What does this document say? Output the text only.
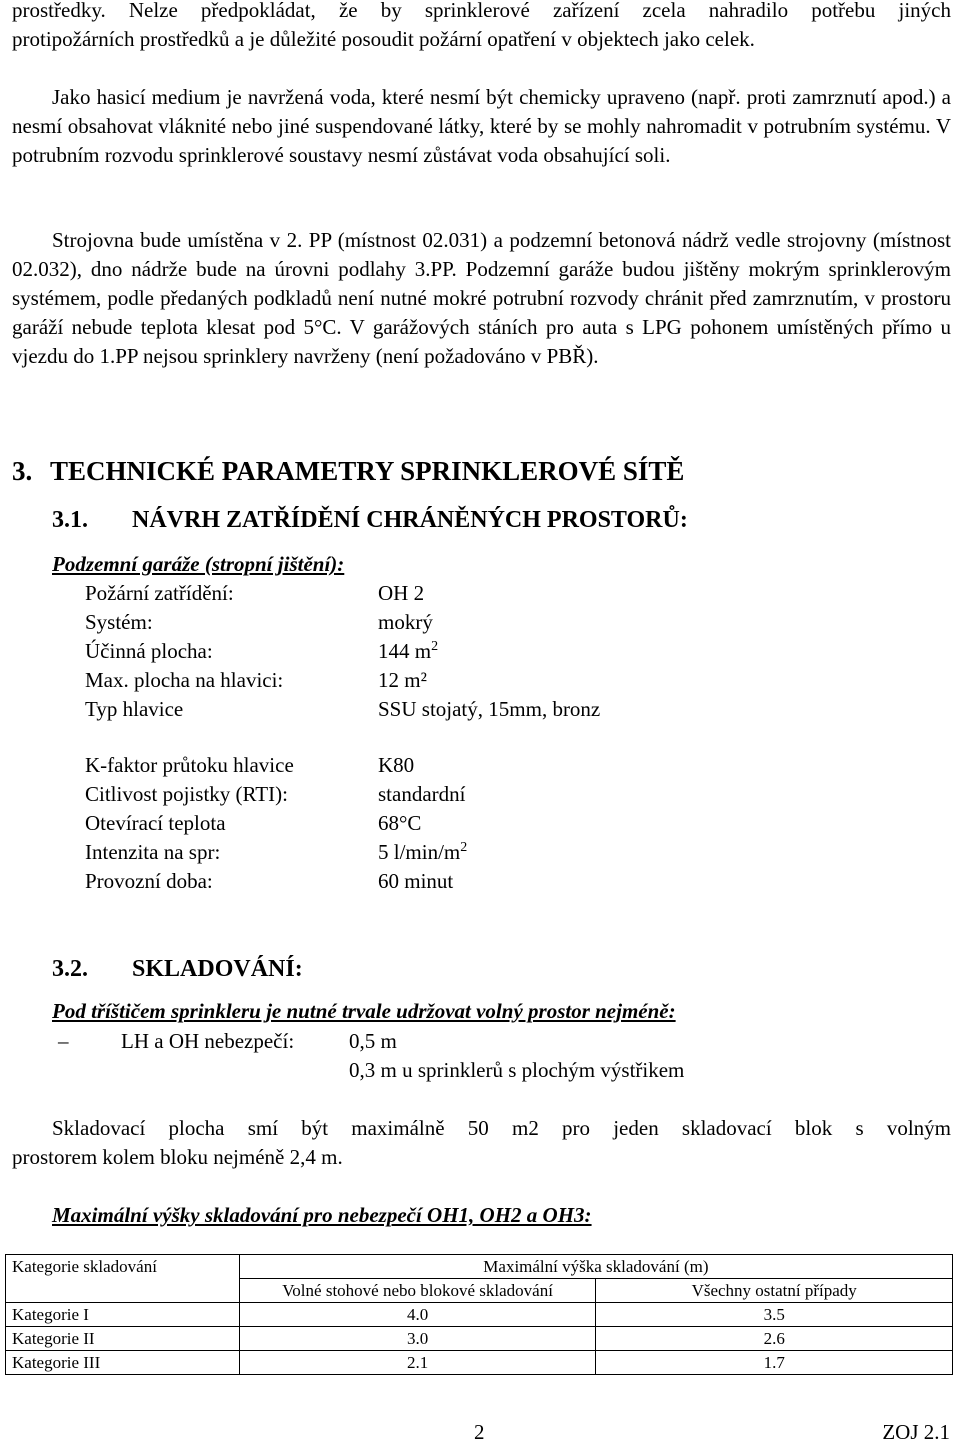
prostředky. Nelze předpokládat, že by sprinklerové zařízení zcela nahradilo potřebu jiných
protipožárních prostředků a je důležité posoudit požární opatření v objektech jako celek.
Jako hasicí medium je navržená voda, které nesmí být chemicky upraveno (např. proti zamrznutí apod.) a nesmí obsahovat vláknité nebo jiné suspendované látky, které by se mohly nahromadit v potrubním systému. V potrubním rozvodu sprinklerové soustavy nesmí zůstávat voda obsahující soli.
Strojovna bude umístěna v 2. PP (místnost 02.031) a podzemní betonová nádrž vedle strojovny (místnost 02.032), dno nádrže bude na úrovni podlahy 3.PP. Podzemní garáže budou jištěny mokrým sprinklerovým systémem, podle předaných podkladů není nutné mokré potrubní rozvody chránit před zamrznutím, v prostoru garáží nebude teplota klesat pod 5°C. V garážových stáních pro auta s LPG pohonem umístěných přímo u vjezdu do 1.PP nejsou sprinklery navrženy (není požadováno v PBŘ).
3. TECHNICKÉ PARAMETRY SPRINKLEROVÉ SÍTĚ
3.1. NÁVRH ZATŘÍDĚNÍ CHRÁNĚNÝCH PROSTORŮ:
Podzemní garáže (stropní jištění):
Požární zatřídění:	OH 2
Systém:	mokrý
Účinná plocha:	144 $m^2$
Max. plocha na hlavici:	12 m²
Typ hlavice	SSU stojatý, 15mm, bronz
K-faktor průtoku hlavice	K80
Citlivost pojistky (RTI):	standardní
Otevírací teplota	68°C
Intenzita na spr:	5 $l/\min/m^2$
Provozní doba:	60 minut
3.2. SKLADOVÁNÍ:
Pod tříštičem sprinkleru je nutné trvale udržovat volný prostor nejméně:
–	LH a OH nebezpečí:	0,5 m
0,3 m u sprinklerů s plochým výstřikem
Skladovací plocha smí být maximálně 50 m2 pro jeden skladovací blok s volným
prostorem kolem bloku nejméně 2,4 m.
Maximální výšky skladování pro nebezpečí OH1, OH2 a OH3:
Kategorie skladování	Maximální výška skladování (m)	
	Volné stohové nebo blokové skladování	Všechny ostatní případy
Kategorie I	4.0	3.5
Kategorie II	3.0	2.6
Kategorie III	2.1	1.7
2	ZOJ 2.1
